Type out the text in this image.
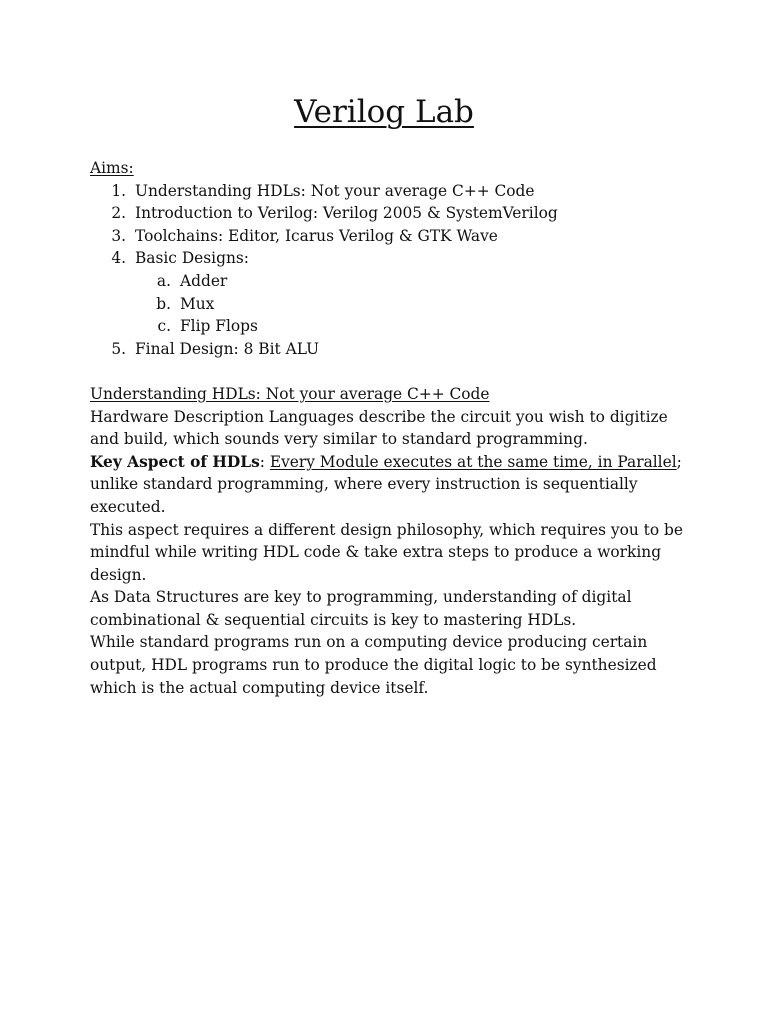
Verilog Lab
Aims:
1. Understanding HDLs: Not your average C++ Code
2. Introduction to Verilog: Verilog 2005 & SystemVerilog
3. Toolchains: Editor, Icarus Verilog & GTK Wave
4. Basic Designs:
a. Adder
b. Mux
c. Flip Flops
5. Final Design: 8 Bit ALU
Understanding HDLs: Not your average C++ Code

Hardware Description Languages describe the circuit you wish to digitize and build, which sounds very similar to standard programming.

Key Aspect of HDLs: Every Module executes at the same time, in Parallel; unlike standard programming, where every instruction is sequentially executed.

This aspect requires a different design philosophy, which requires you to be mindful while writing HDL code & take extra steps to produce a working design.

As Data Structures are key to programming, understanding of digital combinational & sequential circuits is key to mastering HDLs.

While standard programs run on a computing device producing certain output, HDL programs run to produce the digital logic to be synthesized which is the actual computing device itself.
